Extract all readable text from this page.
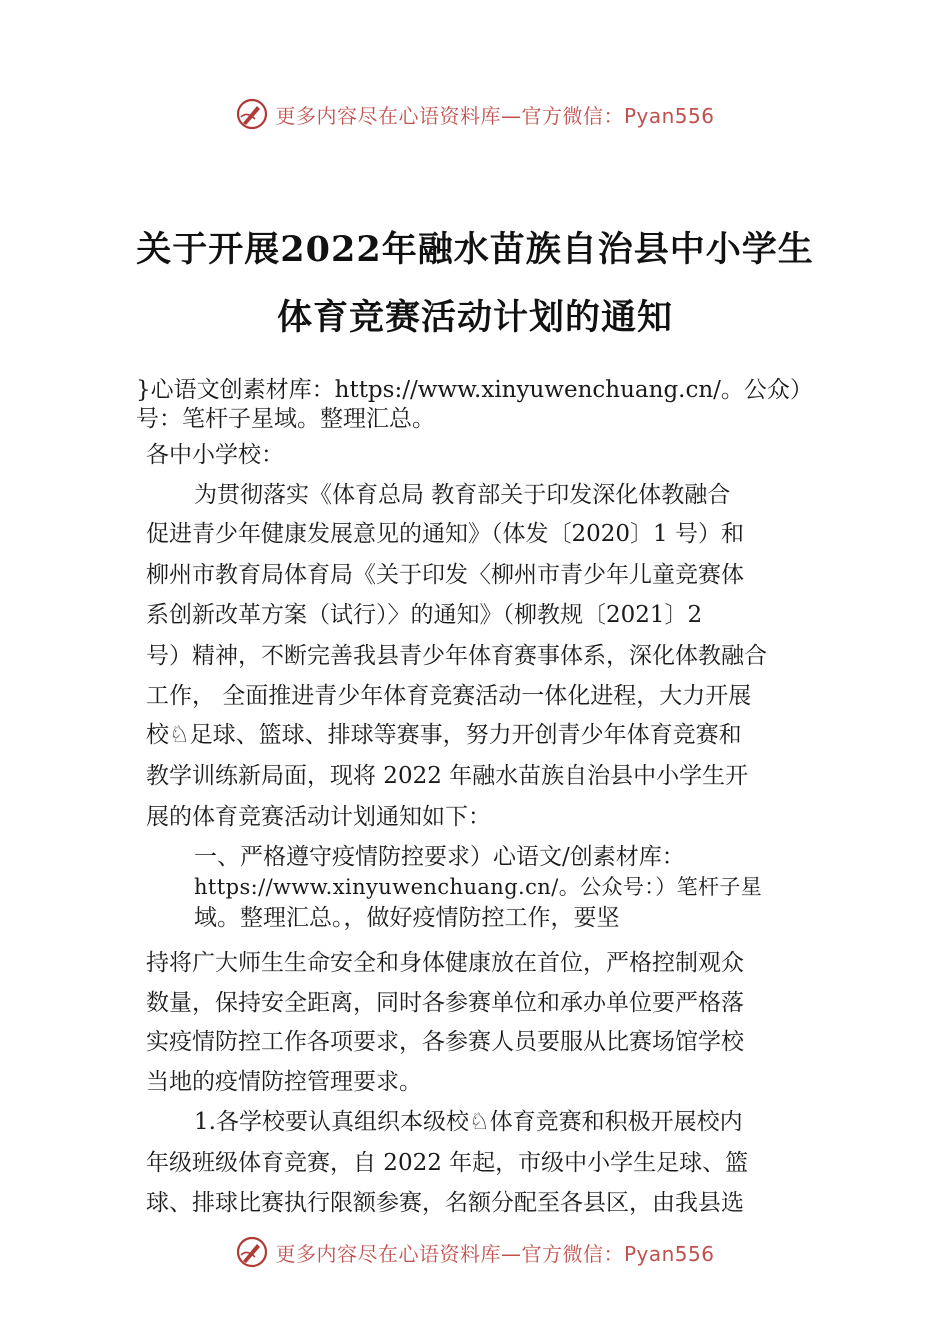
更多内容尽在心语资料库—官方微信：Pyan556
关于开展2022年融水苗族自治县中小学生
体育竞赛活动计划的通知

}心语文创素材库：https://www.xinyuwenchuang.cn/。公众）

号：笔杆子星域。整理汇总。

各中小学校：

为贯彻落实《体育总局 教育部关于印发深化体教融合

促进青少年健康发展意见的通知》（体发〔2020〕1 号）和

柳州市教育局体育局《关于印发〈柳州市青少年儿童竞赛体

系创新改革方案（试行）〉的通知》（柳教规〔2021〕2

号）精神，不断完善我县青少年体育赛事体系，深化体教融合

工作， 全面推进青少年体育竞赛活动一体化进程，大力开展

校♘足球、篮球、排球等赛事，努力开创青少年体育竞赛和

教学训练新局面，现将 2022 年融水苗族自治县中小学生开

展的体育竞赛活动计划通知如下：

一、严格遵守疫情防控要求）心语文/创素材库：

https://www.xinyuwenchuang.cn/。公众号：）笔杆子星

域。整理汇总。，做好疫情防控工作，要坚

持将广大师生生命安全和身体健康放在首位，严格控制观众

数量，保持安全距离，同时各参赛单位和承办单位要严格落

实疫情防控工作各项要求，各参赛人员要服从比赛场馆学校

当地的疫情防控管理要求。

1.各学校要认真组织本级校♘体育竞赛和积极开展校内

年级班级体育竞赛，自 2022 年起，市级中小学生足球、篮

球、排球比赛执行限额参赛，名额分配至各县区，由我县选

更多内容尽在心语资料库—官方微信：Pyan556
